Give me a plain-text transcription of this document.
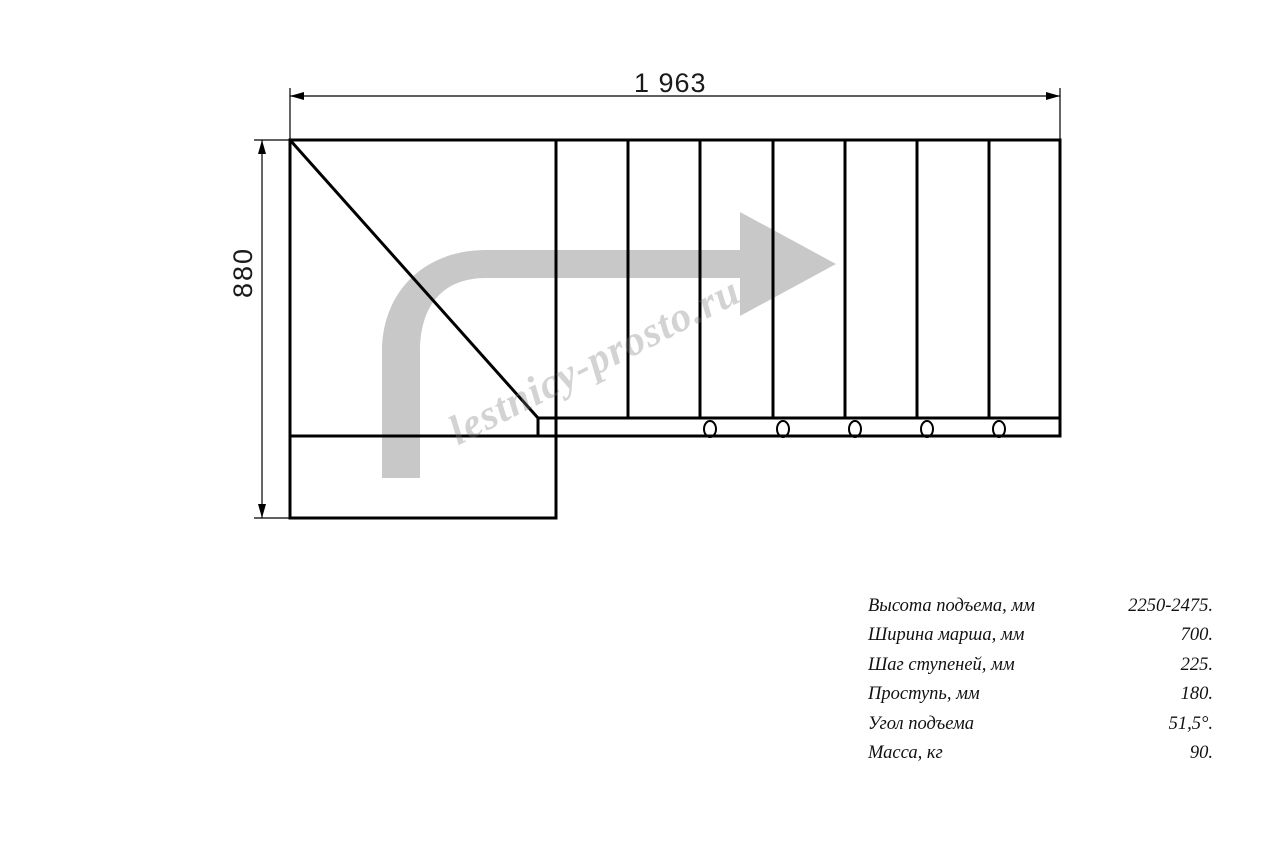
1 963
880	lestnicy-prosto.ru
Высота подъема, мм	2250-2475.
Ширина марша, мм	700.
Шаг ступеней, мм	225.
Проступь, мм	180.
Угол подъема	51,5°.
Масса, кг	90.
